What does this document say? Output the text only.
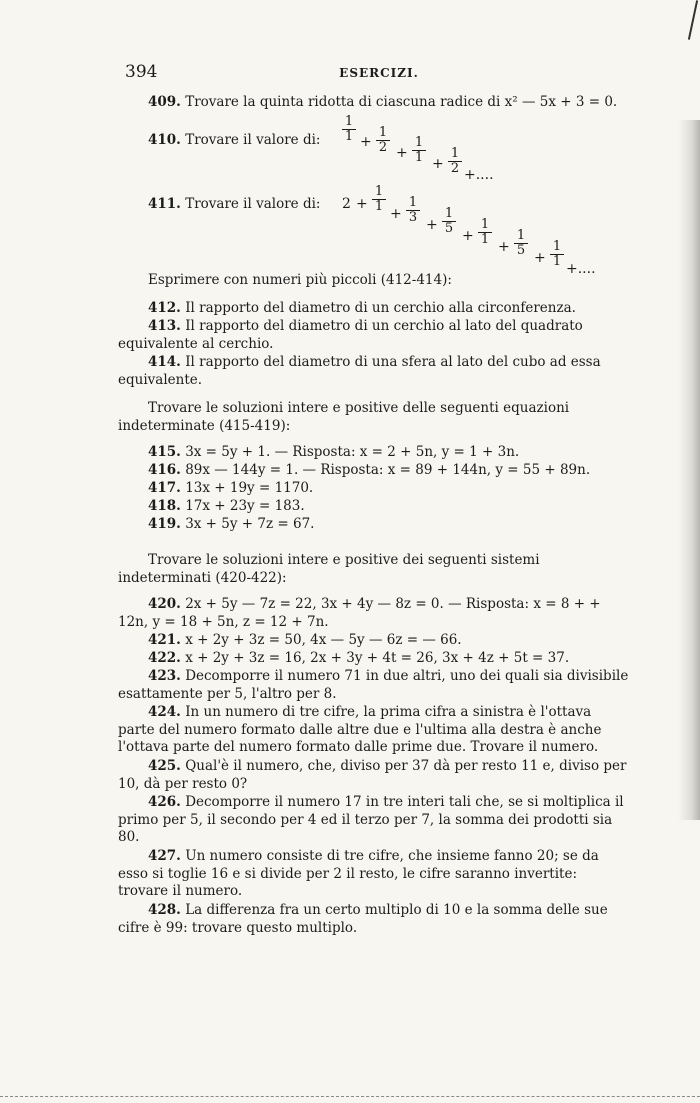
394	ESERCIZI.
409. Trovare la quinta ridotta di ciascuna radice di x² — 5x + 3 = 0.
410. Trovare il valore di:	$\frac{1}{1} + \frac{1}{2} + \frac{1}{1} + \frac{1}{2}$ +....
411. Trovare il valore di:	$2 + \frac{1}{1} + \frac{1}{3} + \frac{1}{5} + \frac{1}{1} + \frac{1}{5} + \frac{1}{1}$ +....
Esprimere con numeri più piccoli (412-414):
412. Il rapporto del diametro di un cerchio alla circonferenza.
413. Il rapporto del diametro di un cerchio al lato del quadrato equivalente al cerchio.
414. Il rapporto del diametro di una sfera al lato del cubo ad essa equivalente.
Trovare le soluzioni intere e positive delle seguenti equazioni indeterminate (415-419):
415. 3x = 5y + 1. — Risposta: x = 2 + 5n, y = 1 + 3n.
416. 89x — 144y = 1. — Risposta: x = 89 + 144n, y = 55 + 89n.
417. 13x + 19y = 1170.
418. 17x + 23y = 183.
419. 3x + 5y + 7z = 67.
Trovare le soluzioni intere e positive dei seguenti sistemi indeterminati (420-422):
420. 2x + 5y — 7z = 22, 3x + 4y — 8z = 0. — Risposta: x = 8 + + 12n, y = 18 + 5n, z = 12 + 7n.
421. x + 2y + 3z = 50, 4x — 5y — 6z = — 66.
422. x + 2y + 3z = 16, 2x + 3y + 4t = 26, 3x + 4z + 5t = 37.
423. Decomporre il numero 71 in due altri, uno dei quali sia divisibile esattamente per 5, l'altro per 8.
424. In un numero di tre cifre, la prima cifra a sinistra è l'ottava parte del numero formato dalle altre due e l'ultima alla destra è anche l'ottava parte del numero formato dalle prime due. Trovare il numero.
425. Qual'è il numero, che, diviso per 37 dà per resto 11 e, diviso per 10, dà per resto 0?
426. Decomporre il numero 17 in tre interi tali che, se si moltiplica il primo per 5, il secondo per 4 ed il terzo per 7, la somma dei prodotti sia 80.
427. Un numero consiste di tre cifre, che insieme fanno 20; se da esso si toglie 16 e si divide per 2 il resto, le cifre saranno invertite: trovare il numero.
428. La differenza fra un certo multiplo di 10 e la somma delle sue cifre è 99: trovare questo multiplo.
